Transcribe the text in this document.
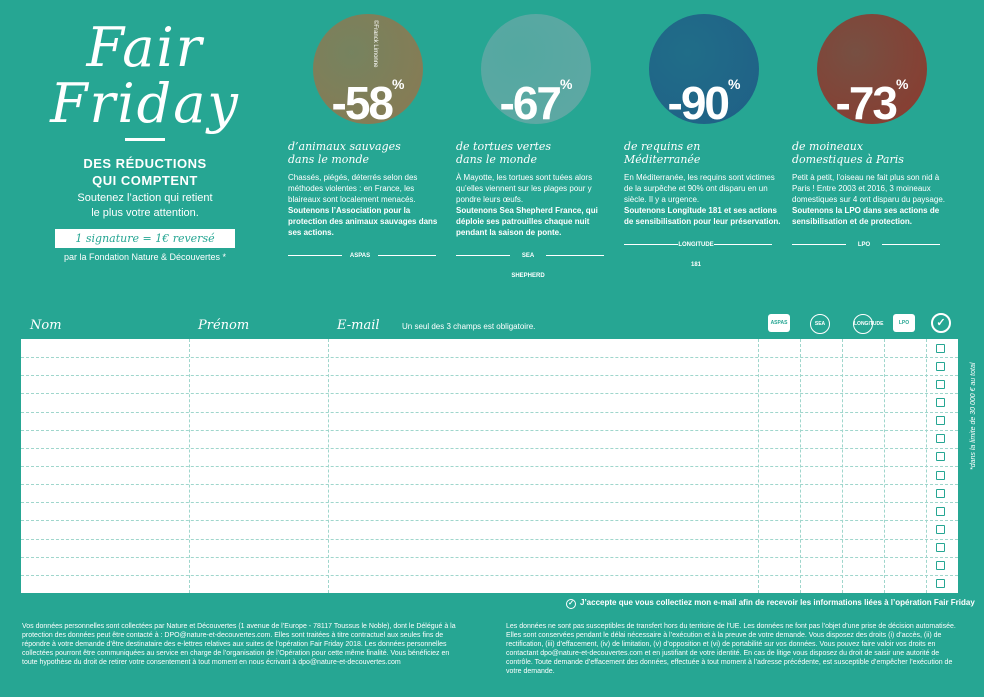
Fair
Friday
DES RÉDUCTIONS
QUI COMPTENT
Soutenez l’action qui retient
le plus votre attention.
1 signature = 1€ reversé
par la Fondation Nature & Découvertes *
-58%
d’animaux sauvages
dans le monde

Chassés, piégés, déterrés selon des méthodes violentes : en France, les blaireaux sont localement menacés.

Soutenons l’Association pour la protection des animaux sauvages dans ses actions.
ASPAS
-67%
de tortues vertes
dans le monde

À Mayotte, les tortues sont tuées alors qu’elles viennent sur les plages pour y pondre leurs œufs.

Soutenons Sea Shepherd France, qui déploie ses patrouilles chaque nuit pendant la saison de ponte.
SEA SHEPHERD
-90%
de requins en
Méditerranée

En Méditerranée, les requins sont victimes de la surpêche et 90% ont disparu en un siècle. Il y a urgence.

Soutenons Longitude 181 et ses actions de sensibilisation pour leur préservation.
LONGITUDE 181
-73%
de moineaux
domestiques à Paris

Petit à petit, l’oiseau ne fait plus son nid à Paris ! Entre 2003 et 2016, 3 moineaux domestiques sur 4 ont disparu du paysage.

Soutenons la LPO dans ses actions de sensibilisation et de protection.
LPO
©Franck Limonne
Nom	Prénom	E-mail	Un seul des 3 champs est obligatoire.	ASPAS	SEA	LONGITUDE	LPO	✓
*dans la limite de 30 000 € au total
✓ J’accepte que vous collectiez mon e-mail afin de recevoir les informations liées à l’opération Fair Friday
Vos données personnelles sont collectées par Nature et Découvertes (1 avenue de l’Europe - 78117 Toussus le Noble), dont le Délégué à la protection des données peut être contacté à : DPO@nature-et-decouvertes.com. Elles sont traitées à titre contractuel aux seules fins de répondre à votre demande d’être destinataire des e-lettres relatives aux suites de l’opération Fair Friday 2018. Les données personnelles collectées pourront être communiquées au service en charge de l’organisation de l’Opération pour cette même finalité. Vous bénéficiez en toute hypothèse du droit de retirer votre consentement à tout moment en nous écrivant à dpo@nature-et-decouvertes.com
Les données ne sont pas susceptibles de transfert hors du territoire de l’UE. Les données ne font pas l’objet d’une prise de décision automatisée. Elles sont conservées pendant le délai nécessaire à l’exécution et à la preuve de votre demande. Vous disposez des droits (i) d’accès, (ii) de rectification, (iii) d’effacement, (iv) de limitation, (v) d’opposition et (vi) de portabilité sur vos données. Vous pouvez faire valoir vos droits en contactant dpo@nature-et-decouvertes.com et en justifiant de votre identité. En cas de litige vous disposez du droit de saisir une autorité de contrôle. Toute demande d’effacement des données, effectuée à tout moment à l’adresse précédente, est susceptible d’empêcher l’exécution de votre demande.
